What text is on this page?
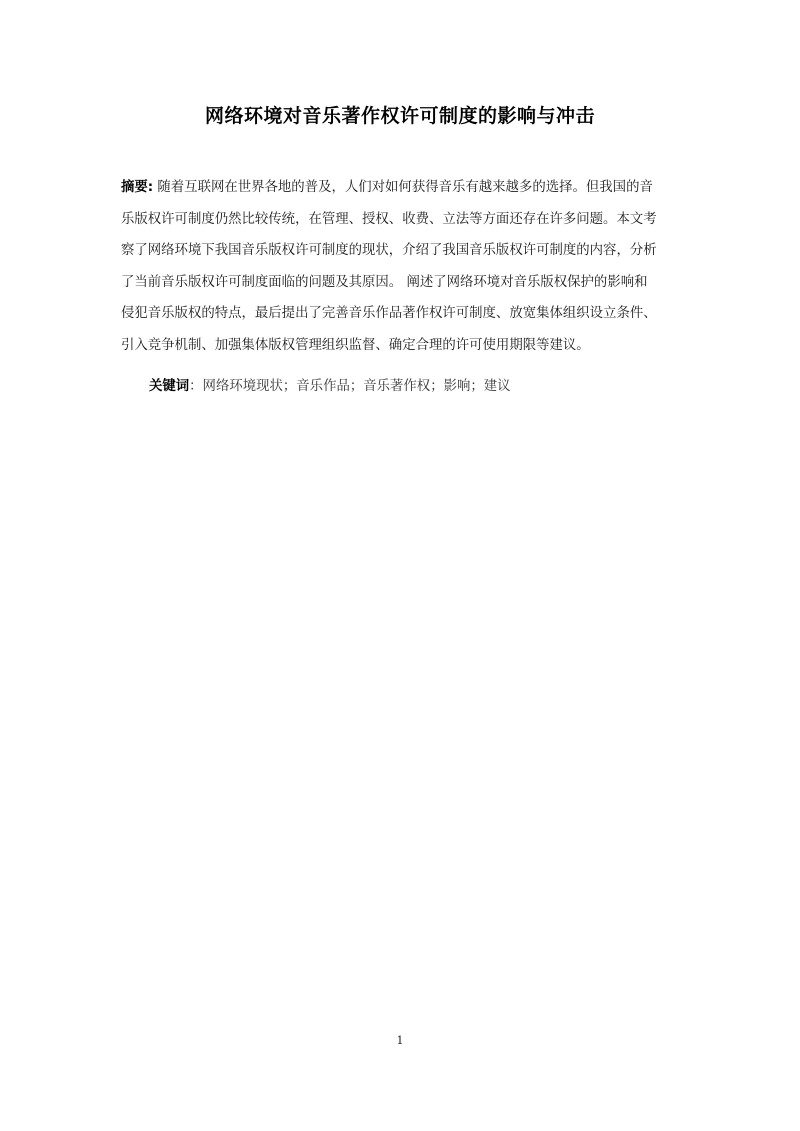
网络环境对音乐著作权许可制度的影响与冲击
摘要: 随着互联网在世界各地的普及，人们对如何获得音乐有越来越多的选择。但我国的音
乐版权许可制度仍然比较传统，在管理、授权、收费、立法等方面还存在许多问题。本文考
察了网络环境下我国音乐版权许可制度的现状，介绍了我国音乐版权许可制度的内容，分析
了当前音乐版权许可制度面临的问题及其原因。 阐述了网络环境对音乐版权保护的影响和
侵犯音乐版权的特点，最后提出了完善音乐作品著作权许可制度、放宽集体组织设立条件、
引入竞争机制、加强集体版权管理组织监督、确定合理的许可使用期限等建议。
关键词：网络环境现状；音乐作品；音乐著作权；影响；建议
1
